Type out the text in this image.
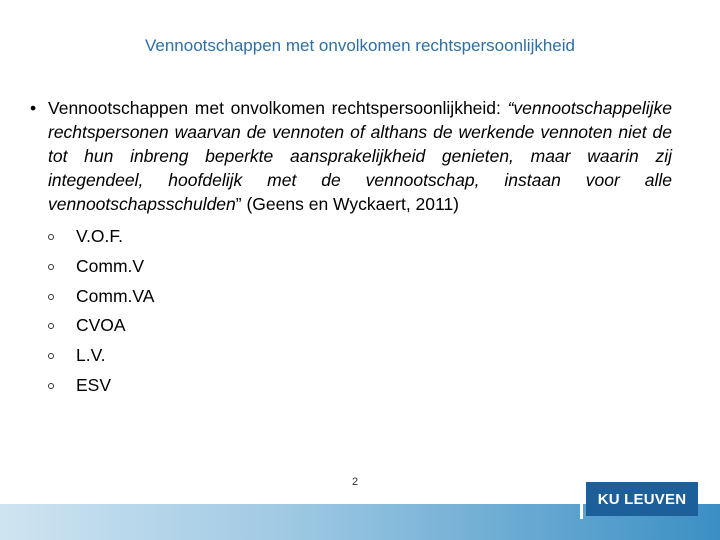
Vennootschappen met onvolkomen rechtspersoonlijkheid
• Vennootschappen met onvolkomen rechtspersoonlijkheid: “vennootschappelijke rechtspersonen waarvan de vennoten of althans de werkende vennoten niet de tot hun inbreng beperkte aansprakelijkheid genieten, maar waarin zij integendeel, hoofdelijk met de vennootschap, instaan voor alle vennootschapsschulden” (Geens en Wyckaert, 2011)
V.O.F.
Comm.V
Comm.VA
CVOA
L.V.
ESV
2
KU LEUVEN
